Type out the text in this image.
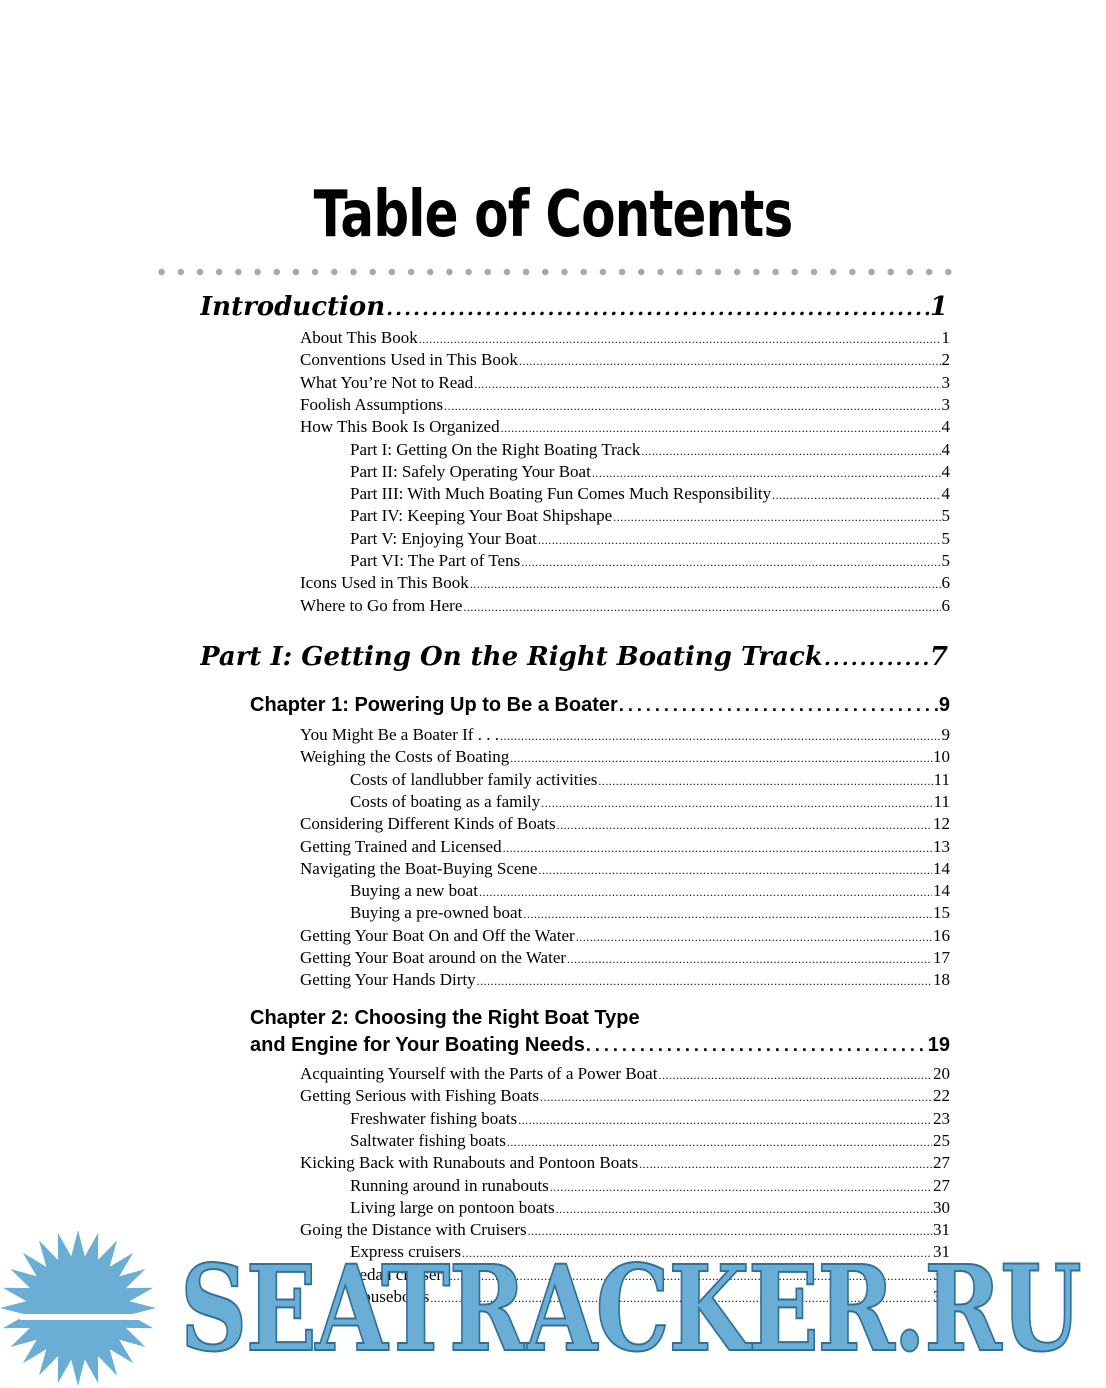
Table of Contents
Introduction .....	1
About This Book .....	1
Conventions Used in This Book .....	2
What You’re Not to Read .....	3
Foolish Assumptions .....	3
How This Book Is Organized .....	4
Part I: Getting On the Right Boating Track .....	4
Part II: Safely Operating Your Boat .....	4
Part III: With Much Boating Fun Comes Much Responsibility .....	4
Part IV: Keeping Your Boat Shipshape .....	5
Part V: Enjoying Your Boat .....	5
Part VI: The Part of Tens .....	5
Icons Used in This Book .....	6
Where to Go from Here .....	6
Part I: Getting On the Right Boating Track .....	7
Chapter 1: Powering Up to Be a Boater .....	9
You Might Be a Boater If . . . .....	9
Weighing the Costs of Boating .....	10
Costs of landlubber family activities .....	11
Costs of boating as a family .....	11
Considering Different Kinds of Boats .....	12
Getting Trained and Licensed .....	13
Navigating the Boat-Buying Scene .....	14
Buying a new boat .....	14
Buying a pre-owned boat .....	15
Getting Your Boat On and Off the Water .....	16
Getting Your Boat around on the Water .....	17
Getting Your Hands Dirty .....	18
Chapter 2: Choosing the Right Boat Type
and Engine for Your Boating Needs .....	19
Acquainting Yourself with the Parts of a Power Boat .....	20
Getting Serious with Fishing Boats .....	22
Freshwater fishing boats .....	23
Saltwater fishing boats .....	25
Kicking Back with Runabouts and Pontoon Boats .....	27
Running around in runabouts .....	27
Living large on pontoon boats .....	30
Going the Distance with Cruisers .....	31
Express cruisers .....	31
Sedan cruisers .....	31
Houseboats .....	32
SEATRACKER.RU
